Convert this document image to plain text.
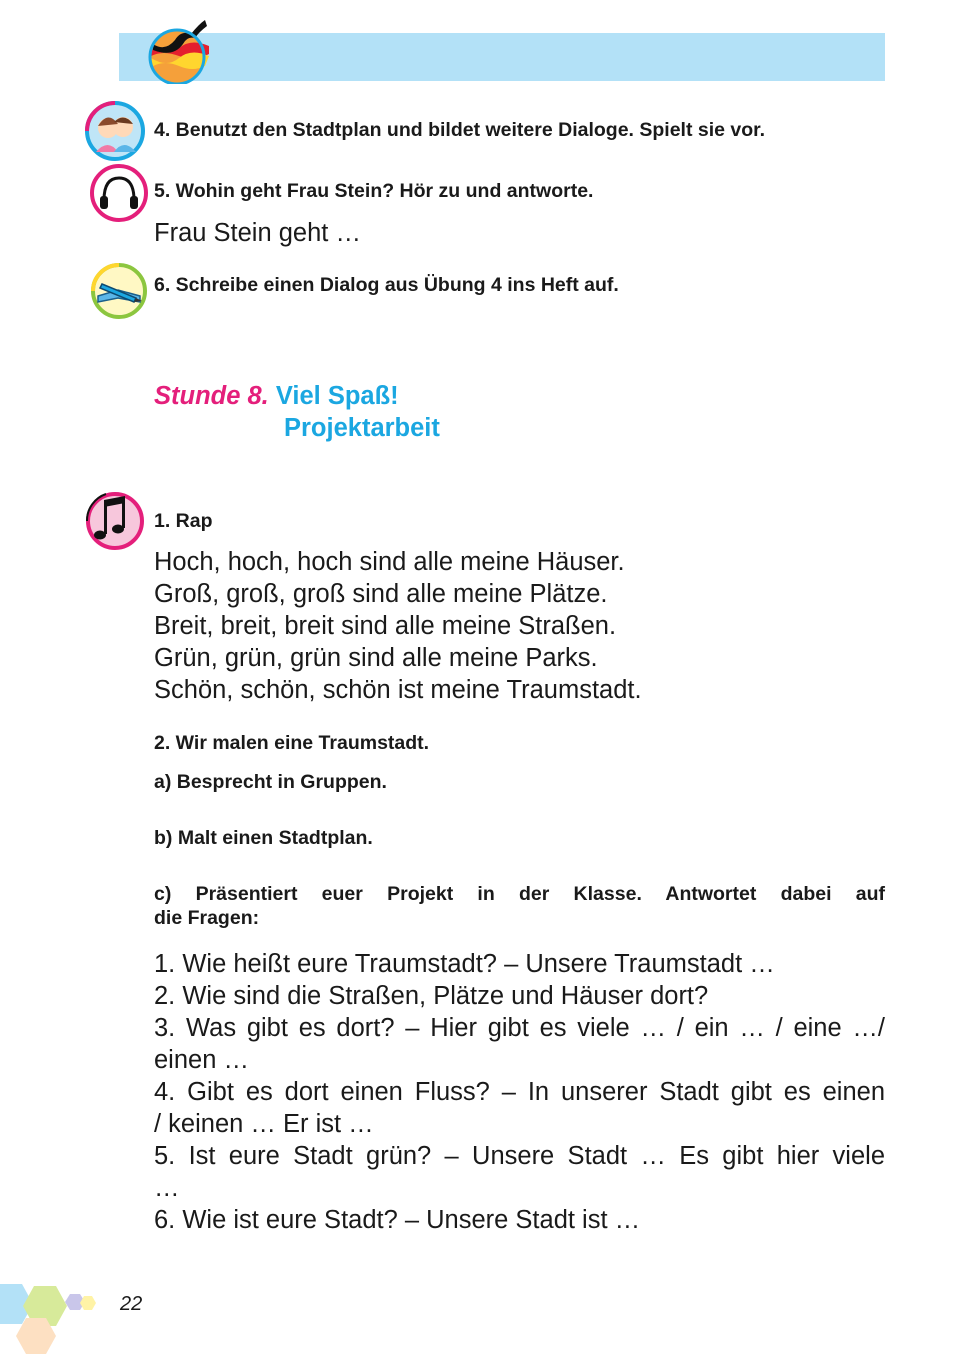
4. Benutzt den Stadtplan und bildet weitere Dialoge. Spielt sie vor.

5. Wohin geht Frau Stein? Hör zu und antworte.

Frau Stein geht …

6. Schreibe einen Dialog aus Übung 4 ins Heft auf.

Stunde 8. Viel Spaß!
Projektarbeit

1. Rap

Hoch, hoch, hoch sind alle meine Häuser.
Groß, groß, groß sind alle meine Plätze.
Breit, breit, breit sind alle meine Straßen.
Grün, grün, grün sind alle meine Parks.
Schön, schön, schön ist meine Traumstadt.

2. Wir malen eine Traumstadt.

a) Besprecht in Gruppen.

b) Malt einen Stadtplan.

c) Präsentiert euer Projekt in der Klasse. Antwortet dabei auf
die Fragen:
1. Wie heißt eure Traumstadt? – Unsere Traumstadt …
2. Wie sind die Straßen, Plätze und Häuser dort?
3. Was gibt es dort? – Hier gibt es viele … / ein … / eine …/
einen …
4. Gibt es dort einen Fluss? – In unserer Stadt gibt es einen
/ keinen … Er ist …
5. Ist eure Stadt grün? – Unsere Stadt … Es gibt hier viele
…
6. Wie ist eure Stadt? – Unsere Stadt ist …
22
